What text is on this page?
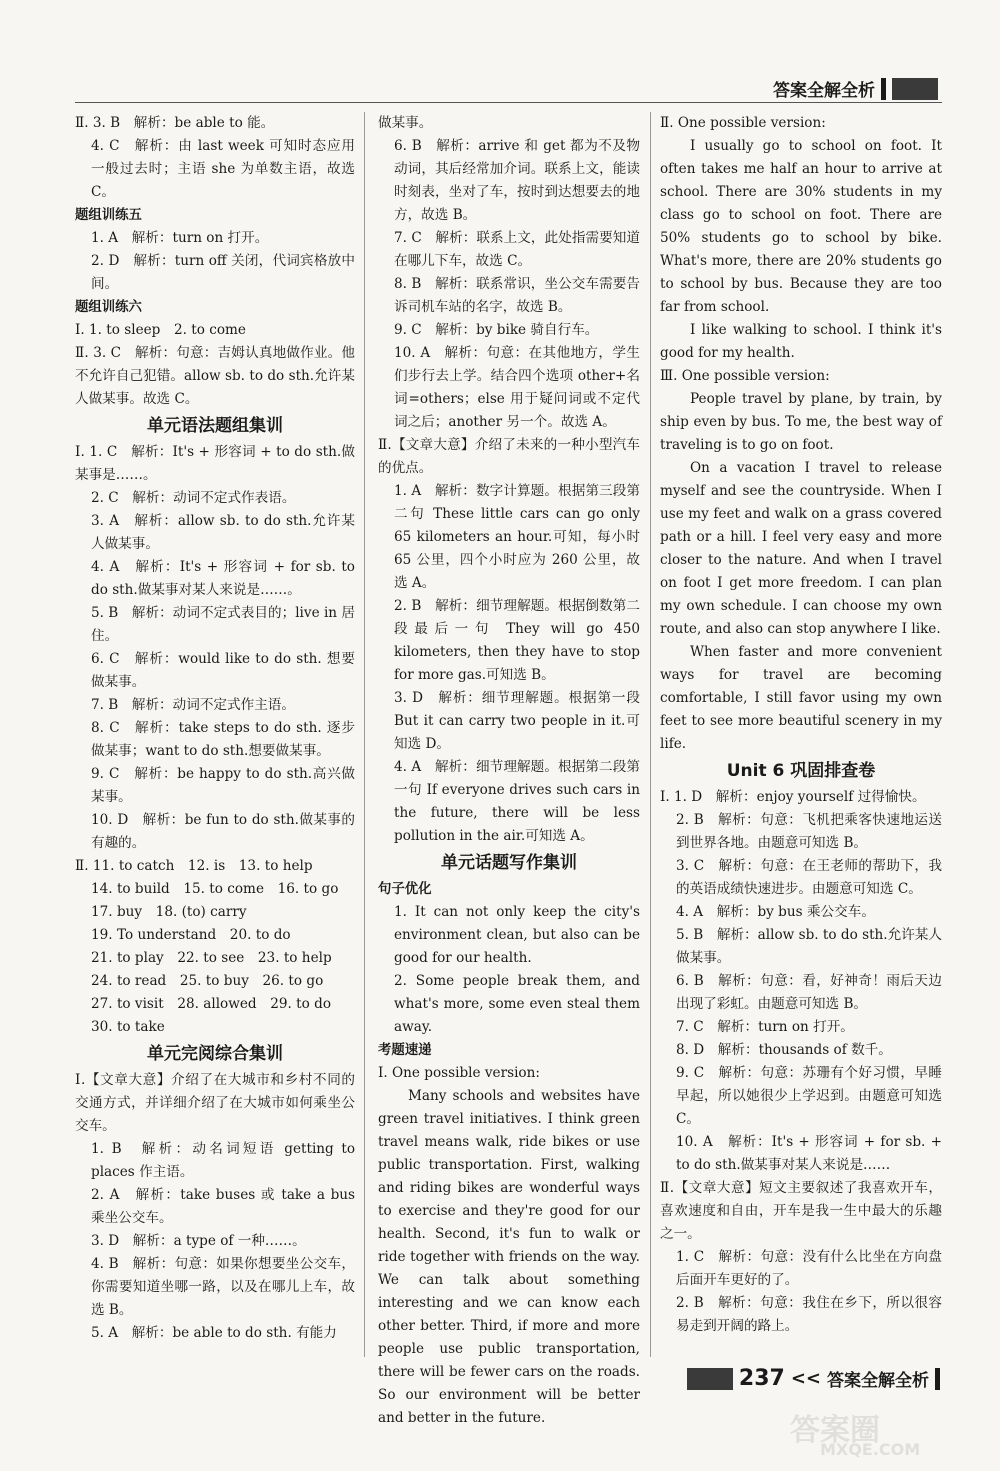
答案全解全析
Ⅱ. 3. B　解析：be able to 能。
4. C　解析：由 last week 可知时态应用一般过去时；主语 she 为单数主语，故选 C。
题组训练五
1. A　解析：turn on 打开。
2. D　解析：turn off 关闭，代词宾格放中间。
题组训练六
Ⅰ. 1. to sleep　2. to come
Ⅱ. 3. C　解析：句意：吉姆认真地做作业。他不允许自己犯错。allow sb. to do sth.允许某人做某事。故选 C。
单元语法题组集训
Ⅰ. 1. C　解析：It's + 形容词 + to do sth.做某事是……。
2. C　解析：动词不定式作表语。
3. A　解析：allow sb. to do sth.允许某人做某事。
4. A　解析：It's + 形容词 + for sb. to do sth.做某事对某人来说是……。
5. B　解析：动词不定式表目的；live in 居住。
6. C　解析：would like to do sth. 想要做某事。
7. B　解析：动词不定式作主语。
8. C　解析：take steps to do sth. 逐步做某事；want to do sth.想要做某事。
9. C　解析：be happy to do sth.高兴做某事。
10. D　解析：be fun to do sth.做某事的有趣的。
Ⅱ. 11. to catch　12. is　13. to help
14. to build　15. to come　16. to go
17. buy　18. (to) carry
19. To understand　20. to do
21. to play　22. to see　23. to help
24. to read　25. to buy　26. to go
27. to visit　28. allowed　29. to do
30. to take
单元完阅综合集训
Ⅰ.【文章大意】介绍了在大城市和乡村不同的交通方式，并详细介绍了在大城市如何乘坐公交车。
1. B　解析：动名词短语 getting to places 作主语。
2. A　解析：take buses 或 take a bus 乘坐公交车。
3. D　解析：a type of 一种……。
4. B　解析：句意：如果你想要坐公交车，你需要知道坐哪一路，以及在哪儿上车，故选 B。
5. A　解析：be able to do sth. 有能力
做某事。
6. B　解析：arrive 和 get 都为不及物动词，其后经常加介词。联系上文，能读时刻表，坐对了车，按时到达想要去的地方，故选 B。
7. C　解析：联系上文，此处指需要知道在哪儿下车，故选 C。
8. B　解析：联系常识，坐公交车需要告诉司机车站的名字，故选 B。
9. C　解析：by bike 骑自行车。
10. A　解析：句意：在其他地方，学生们步行去上学。结合四个选项 other+名词=others；else 用于疑问词或不定代词之后；another 另一个。故选 A。
Ⅱ.【文章大意】介绍了未来的一种小型汽车的优点。
1. A　解析：数字计算题。根据第三段第二句 These little cars can go only 65 kilometers an hour.可知，每小时 65 公里，四个小时应为 260 公里，故选 A。
2. B　解析：细节理解题。根据倒数第二段最后一句 They will go 450 kilometers, then they have to stop for more gas.可知选 B。
3. D　解析：细节理解题。根据第一段 But it can carry two people in it.可知选 D。
4. A　解析：细节理解题。根据第二段第一句 If everyone drives such cars in the future, there will be less pollution in the air.可知选 A。
单元话题写作集训
句子优化
1. It can not only keep the city's environment clean, but also can be good for our health.
2. Some people break them, and what's more, some even steal them away.
考题速递
Ⅰ. One possible version:
Many schools and websites have green travel initiatives. I think green travel means walk, ride bikes or use public transportation. First, walking and riding bikes are wonderful ways to exercise and they're good for our health. Second, it's fun to walk or ride together with friends on the way. We can talk about something interesting and we can know each other better. Third, if more and more people use public transportation, there will be fewer cars on the roads. So our environment will be better and better in the future.
Ⅱ. One possible version:
I usually go to school on foot. It often takes me half an hour to arrive at school. There are 30% students in my class go to school on foot. There are 50% students go to school by bike. What's more, there are 20% students go to school by bus. Because they are too far from school.
I like walking to school. I think it's good for my health.
Ⅲ. One possible version:
People travel by plane, by train, by ship even by bus. To me, the best way of traveling is to go on foot.
On a vacation I travel to release myself and see the countryside. When I use my feet and walk on a grass covered path or a hill. I feel very easy and more closer to the nature. And when I travel on foot I get more freedom. I can plan my own schedule. I can choose my own route, and also can stop anywhere I like.
When faster and more convenient ways for travel are becoming comfortable, I still favor using my own feet to see more beautiful scenery in my life.
Unit 6 巩固排查卷
Ⅰ. 1. D　解析：enjoy yourself 过得愉快。
2. B　解析：句意：飞机把乘客快速地运送到世界各地。由题意可知选 B。
3. C　解析：句意：在王老师的帮助下，我的英语成绩快速进步。由题意可知选 C。
4. A　解析：by bus 乘公交车。
5. B　解析：allow sb. to do sth.允许某人做某事。
6. B　解析：句意：看，好神奇！雨后天边出现了彩虹。由题意可知选 B。
7. C　解析：turn on 打开。
8. D　解析：thousands of 数千。
9. C　解析：句意：苏珊有个好习惯，早睡早起，所以她很少上学迟到。由题意可知选 C。
10. A　解析：It's + 形容词 + for sb. + to do sth.做某事对某人来说是……
Ⅱ.【文章大意】短文主要叙述了我喜欢开车，喜欢速度和自由，开车是我一生中最大的乐趣之一。
1. C　解析：句意：没有什么比坐在方向盘后面开车更好的了。
2. B　解析：句意：我住在乡下，所以很容易走到开阔的路上。
237 << 答案全解全析
答案圈
MXQE.COM
